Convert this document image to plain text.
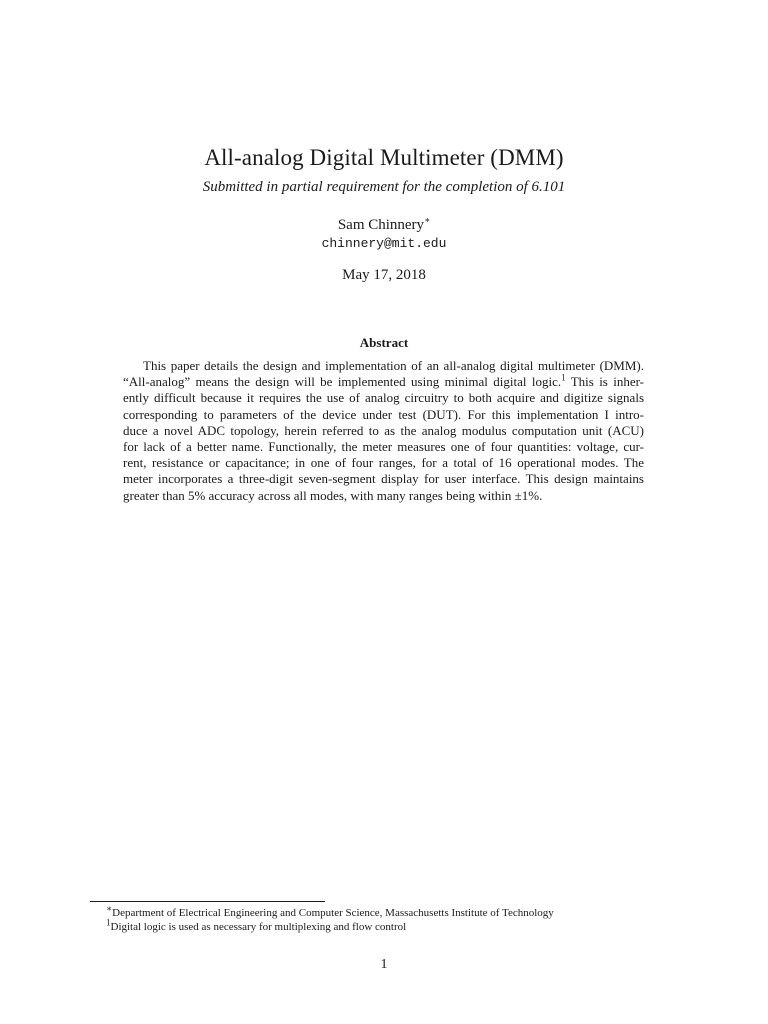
All-analog Digital Multimeter (DMM)
Submitted in partial requirement for the completion of 6.101
Sam Chinnery∗
chinnery@mit.edu
May 17, 2018
Abstract
This paper details the design and implementation of an all-analog digital multimeter (DMM).
“All-analog” means the design will be implemented using minimal digital logic.$^1$ This is inher-
ently difficult because it requires the use of analog circuitry to both acquire and digitize signals
corresponding to parameters of the device under test (DUT). For this implementation I intro-
duce a novel ADC topology, herein referred to as the analog modulus computation unit (ACU)
for lack of a better name. Functionally, the meter measures one of four quantities: voltage, cur-
rent, resistance or capacitance; in one of four ranges, for a total of 16 operational modes. The
meter incorporates a three-digit seven-segment display for user interface. This design maintains
greater than 5% accuracy across all modes, with many ranges being within ±1%.
∗Department of Electrical Engineering and Computer Science, Massachusetts Institute of Technology
$^1$Digital logic is used as necessary for multiplexing and flow control
1
